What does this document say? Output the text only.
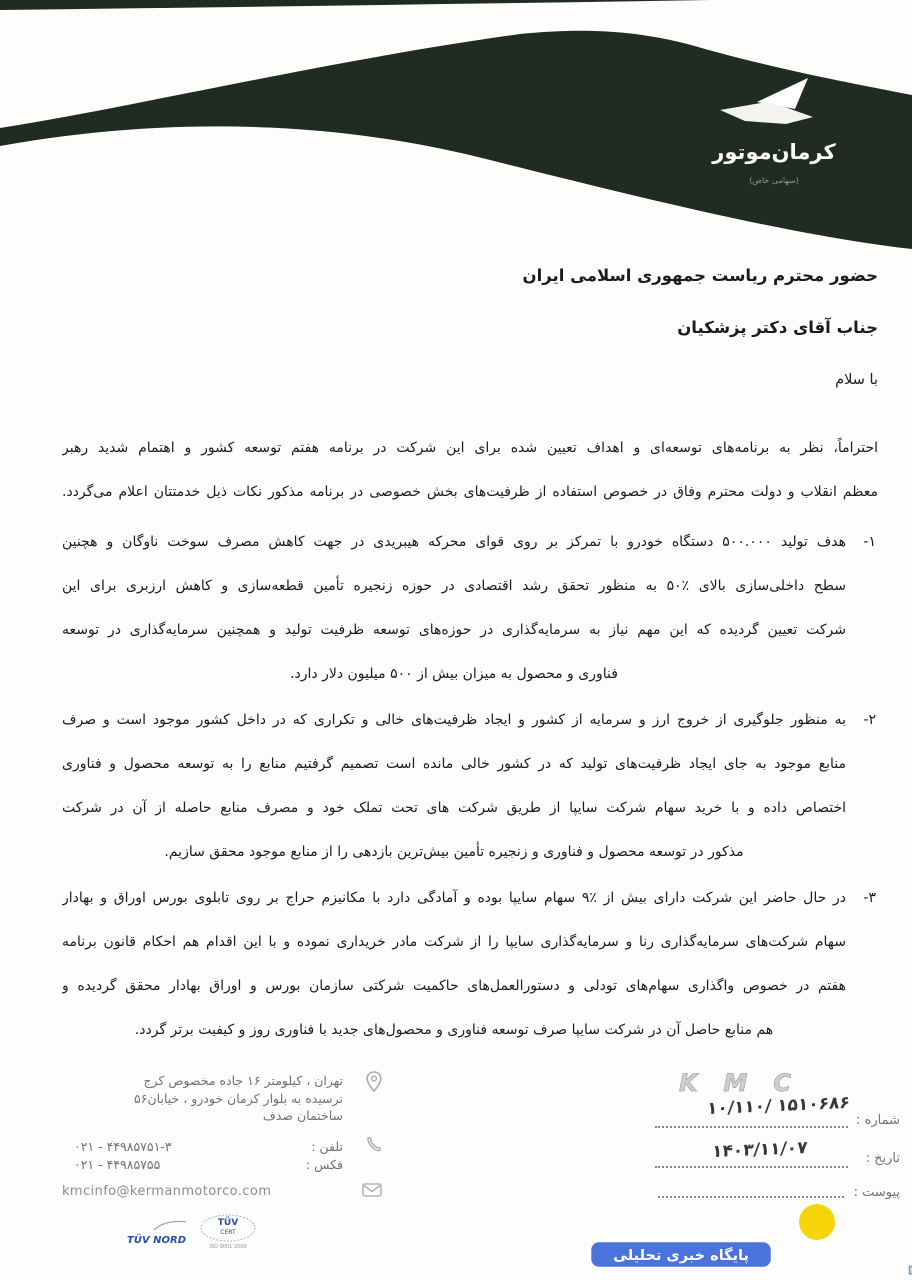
کرمان‌موتور
(سهامی خاص)
حضور محترم ریاست جمهوری اسلامی ایران
جناب آقای دکتر پزشکیان
با سلام
احتراماً، نظر به برنامه‌های توسعه‌ای و اهداف تعیین شده برای این شرکت در برنامه هفتم توسعه کشور و اهتمام شدید رهبر
معظم انقلاب و دولت محترم وفاق در خصوص استفاده از ظرفیت‌های بخش خصوصی در برنامه مذکور نکات ذیل خدمتتان اعلام می‌گردد.
۱-
هدف تولید ۵۰۰.۰۰۰ دستگاه خودرو با تمرکز بر روی قوای محرکه هیبریدی در جهت کاهش مصرف سوخت ناوگان و هچنین
سطح داخلی‌سازی بالای ٪۵۰ به منظور تحقق رشد اقتصادی در حوزه زنجیره تأمین قطعه‌سازی و کاهش ارزبری برای این
شرکت تعیین گردیده که این مهم نیاز به سرمایه‌گذاری در حوزه‌های توسعه ظرفیت تولید و همچنین سرمایه‌گذاری در توسعه
فناوری و محصول به میزان بیش از ۵۰۰ میلیون دلار دارد.
۲-
به منظور جلوگیری از خروج ارز و سرمایه از کشور و ایجاد ظرفیت‌های خالی و تکراری که در داخل کشور موجود است و صرف
منابع موجود به جای ایجاد ظرفیت‌های تولید که در کشور خالی مانده است تصمیم گرفتیم منابع را به توسعه محصول و فناوری
اختصاص داده و با خرید سهام شرکت سایپا از طریق شرکت های تحت تملک خود و مصرف منابع حاصله از آن در شرکت
مذکور در توسعه محصول و فناوری و زنجیره تأمین بیش‌ترین بازدهی را از منابع موجود محقق سازیم.
۳-
در حال حاضر این شرکت دارای بیش از ٪۹ سهام سایپا بوده و آمادگی دارد با مکانیزم حراج بر روی تابلوی بورس اوراق و بهادار
سهام شرکت‌های سرمایه‌گذاری رنا و سرمایه‌گذاری سایپا را از شرکت مادر خریداری نموده و با این اقدام هم احکام قانون برنامه
هفتم در خصوص واگذاری سهام‌های تودلی و دستورالعمل‌های حاکمیت شرکتی سازمان بورس و اوراق بهادار محقق گردیده و
هم منابع حاصل آن در شرکت سایپا صرف توسعه فناوری و محصول‌های جدید با فناوری روز و کیفیت برتر گردد.
تهران ، کیلومتر ۱۶ جاده مخصوص کرج
نرسیده به بلوار کرمان خودرو ، خیابان۵۶
ساختمان صدف
تلفن :
۰۲۱ - ۴۴۹۸۵۷۵۱-۳
فکس :
۰۲۱ - ۴۴۹۸۵۷۵۵
kmcinfo@kermanmotorco.com
KMC
۱۰/۱۱۰/ ۱۵۱۰۶۸۶
شماره :
۱۴۰۳/۱۱/۰۷	تاریخ :
پیوست :
TÜV NORD
TÜV
CERT
ISO 9001 2000
پایگاه خبری تحلیلی
